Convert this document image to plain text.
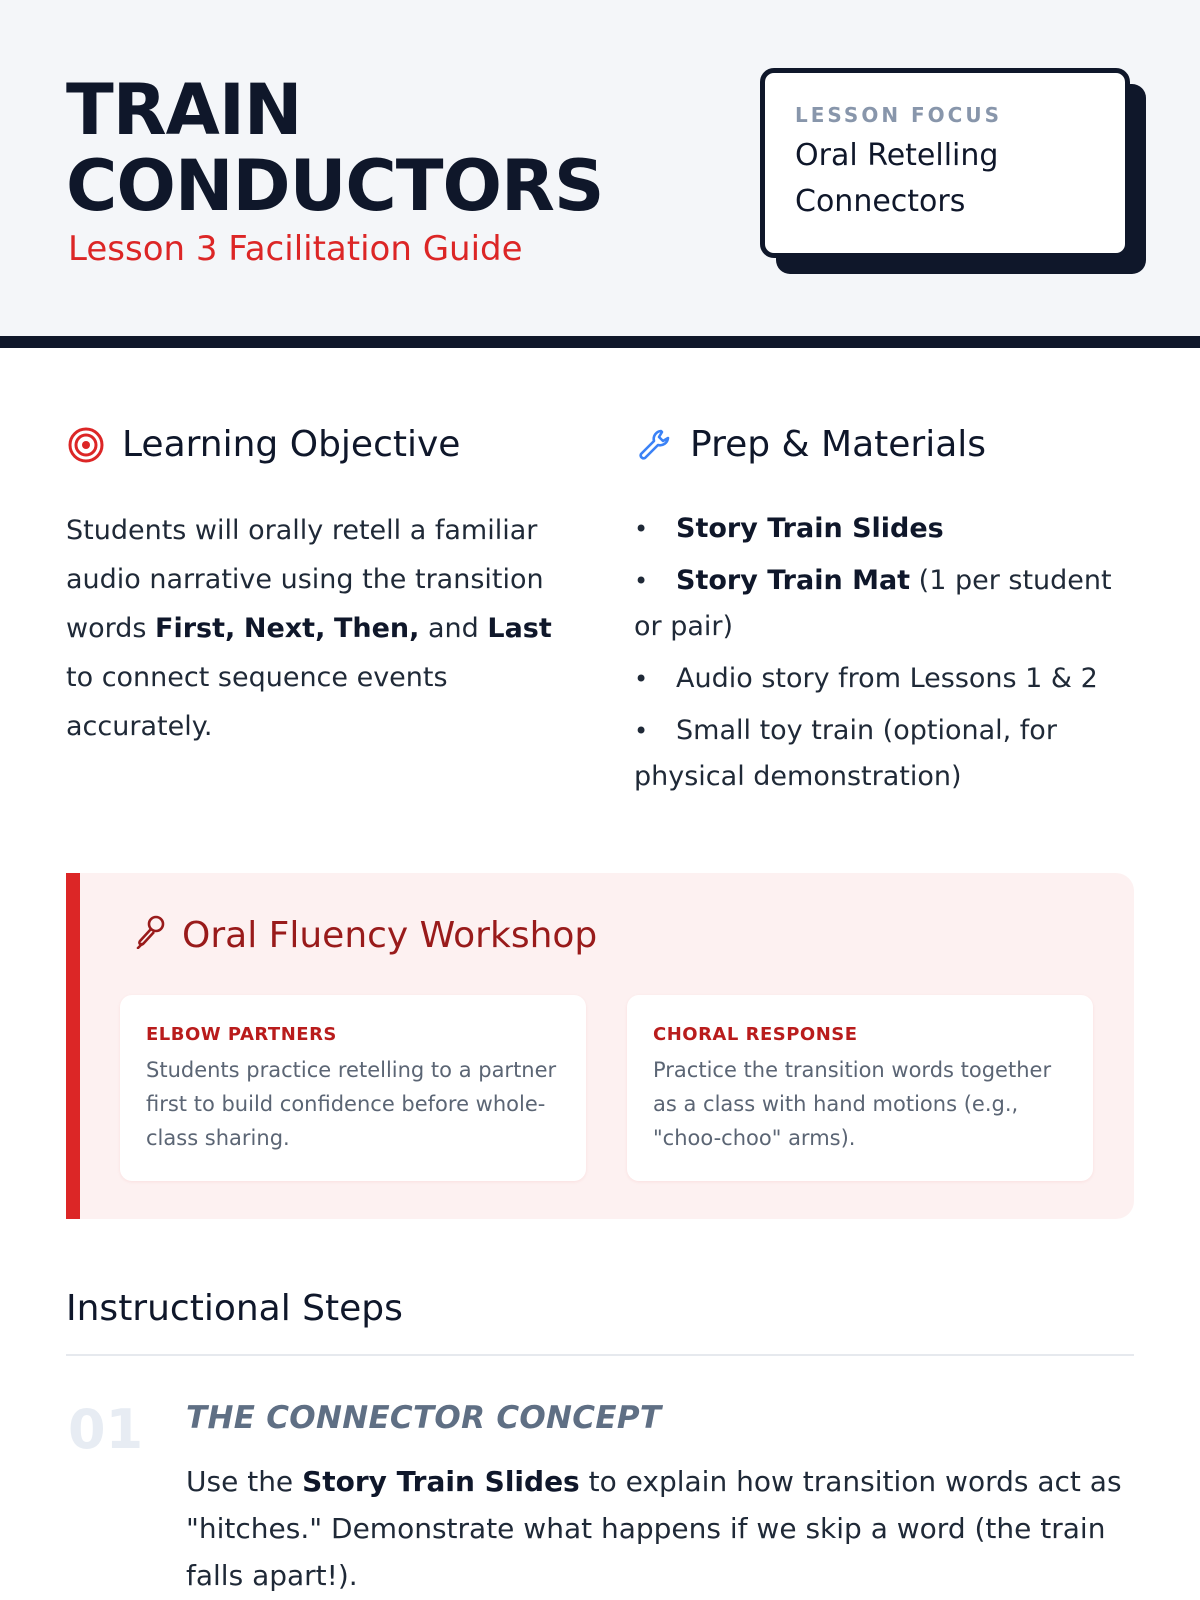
TRAIN
CONDUCTORS
Lesson 3 Facilitation Guide
LESSON FOCUS
Oral Retelling Connectors
Learning Objective
Students will orally retell a familiar audio narrative using the transition words First, Next, Then, and Last to connect sequence events accurately.
Prep & Materials
• Story Train Slides
• Story Train Mat (1 per student or pair)
• Audio story from Lessons 1 & 2
• Small toy train (optional, for physical demonstration)
Oral Fluency Workshop
ELBOW PARTNERS
Students practice retelling to a partner first to build confidence before whole-class sharing.
CHORAL RESPONSE
Practice the transition words together as a class with hand motions (e.g., "choo-choo" arms).
Instructional Steps
01 THE CONNECTOR CONCEPT
Use the Story Train Slides to explain how transition words act as "hitches." Demonstrate what happens if we skip a word (the train falls apart!).
